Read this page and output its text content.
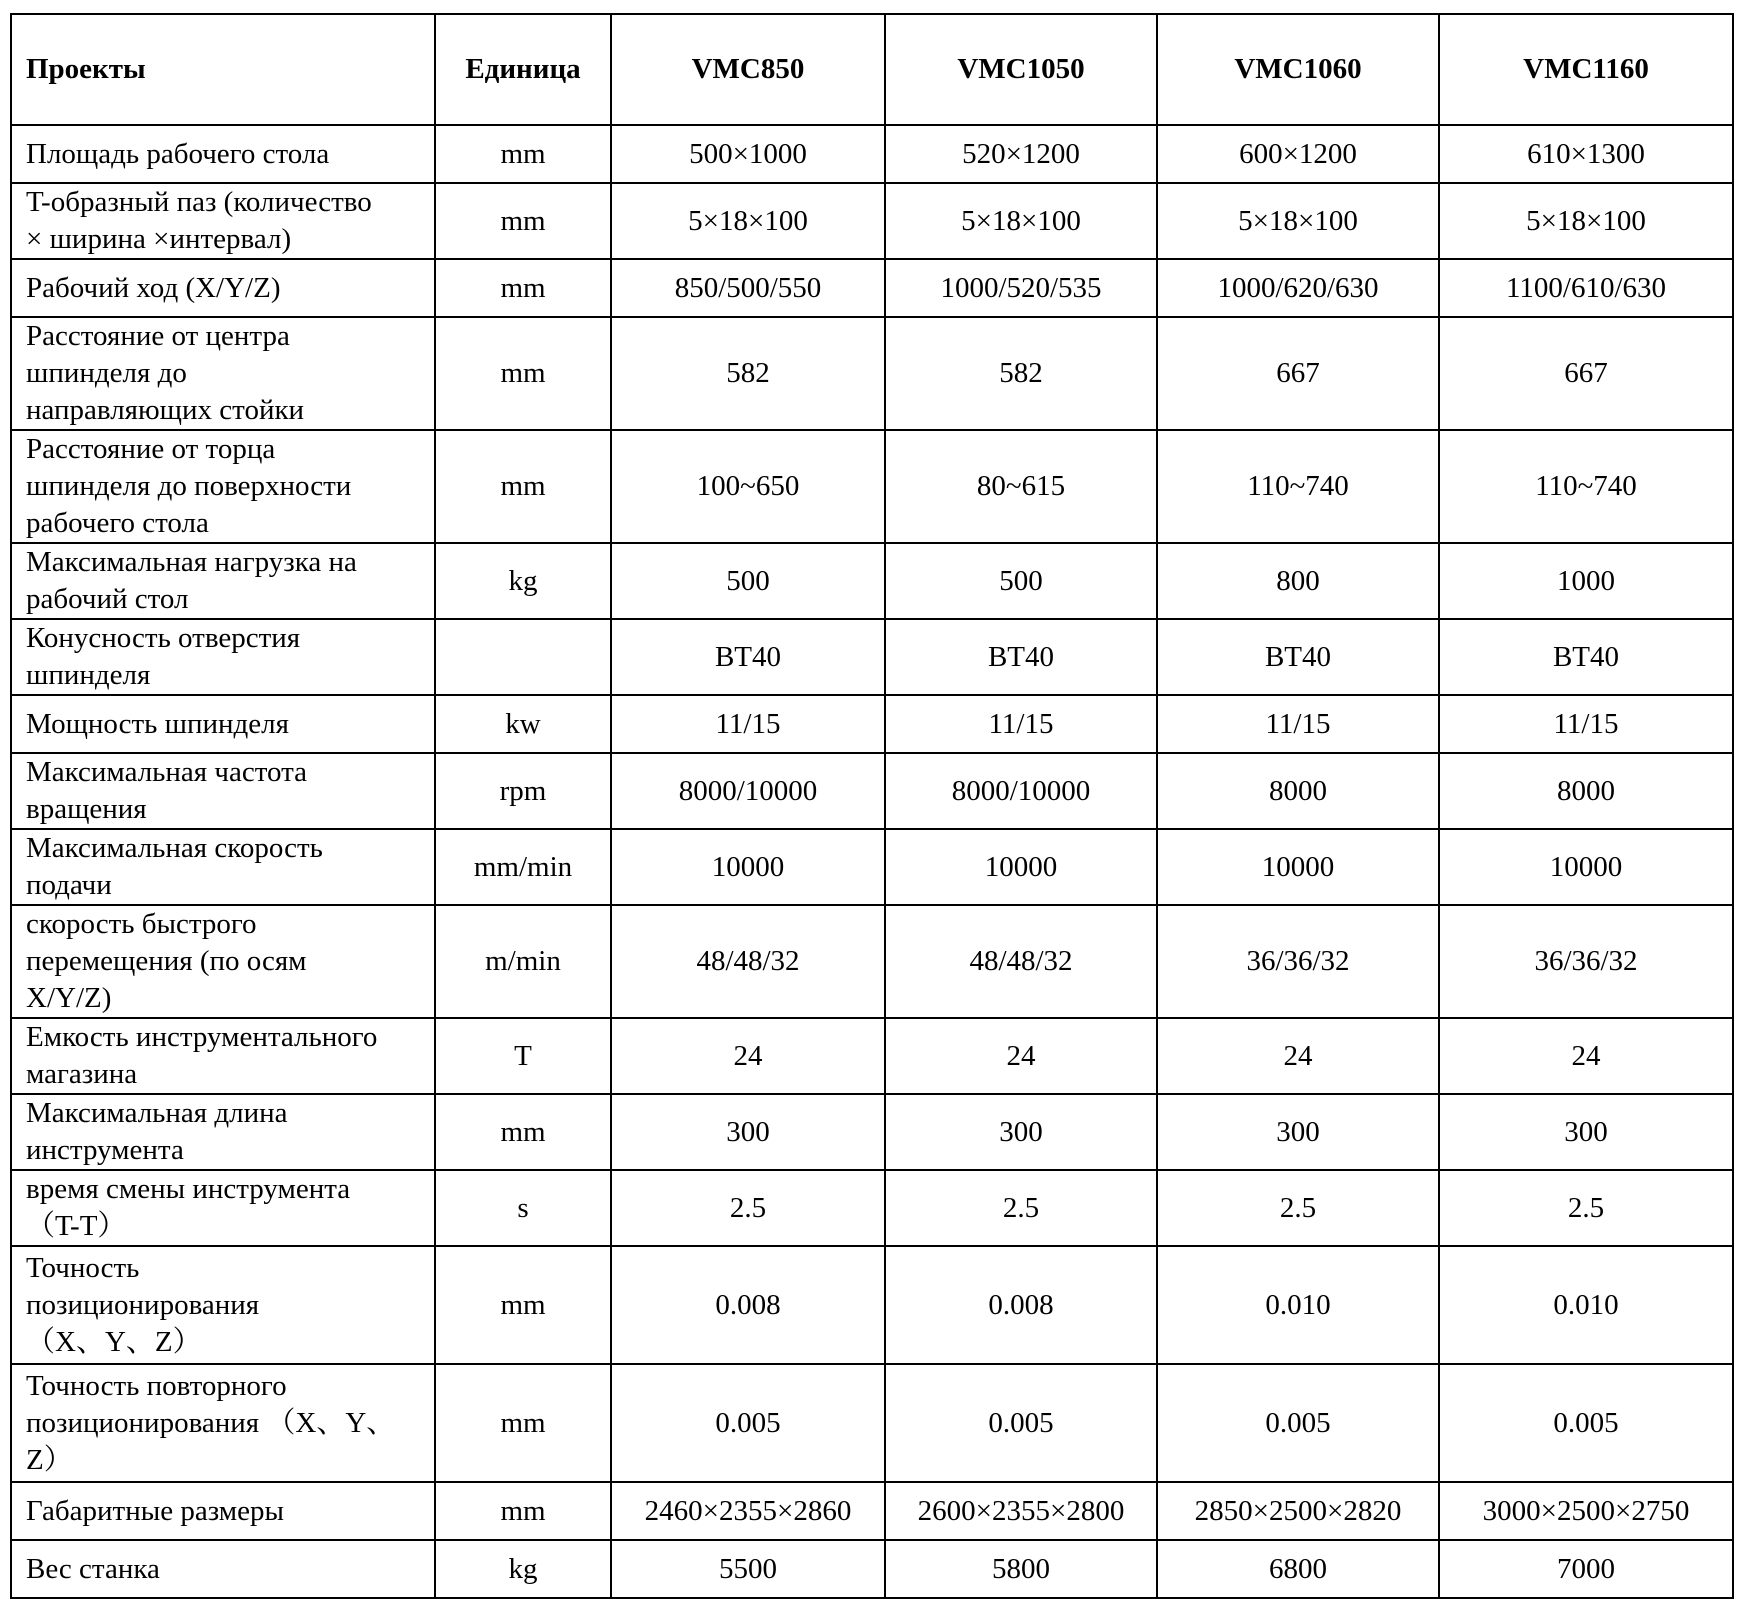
Проекты	Единица	VMC850	VMC1050	VMC1060	VMC1160
Площадь рабочего стола	mm	500×1000	520×1200	600×1200	610×1300
T-образный паз (количество
× ширина ×интервал)	mm	5×18×100	5×18×100	5×18×100	5×18×100
Рабочий ход (X/Y/Z)	mm	850/500/550	1000/520/535	1000/620/630	1100/610/630
Расстояние от центра
шпинделя до
направляющих стойки	mm	582	582	667	667
Расстояние от торца
шпинделя до поверхности
рабочего стола	mm	100~650	80~615	110~740	110~740
Максимальная нагрузка на
рабочий стол	kg	500	500	800	1000
Конусность отверстия
шпинделя		BT40	BT40	BT40	BT40
Мощность шпинделя	kw	11/15	11/15	11/15	11/15
Максимальная частота
вращения	rpm	8000/10000	8000/10000	8000	8000
Максимальная скорость
подачи	mm/min	10000	10000	10000	10000
скорость быстрого
перемещения (по осям
X/Y/Z)	m/min	48/48/32	48/48/32	36/36/32	36/36/32
Емкость инструментального
магазина	T	24	24	24	24
Максимальная длина
инструмента	mm	300	300	300	300
время смены инструмента
（T-T）	s	2.5	2.5	2.5	2.5
Точность
позиционирования
（X、Y、Z）	mm	0.008	0.008	0.010	0.010
Точность повторного
позиционирования （X、Y、
Z）	mm	0.005	0.005	0.005	0.005
Габаритные размеры	mm	2460×2355×2860	2600×2355×2800	2850×2500×2820	3000×2500×2750
Вес станка	kg	5500	5800	6800	7000
